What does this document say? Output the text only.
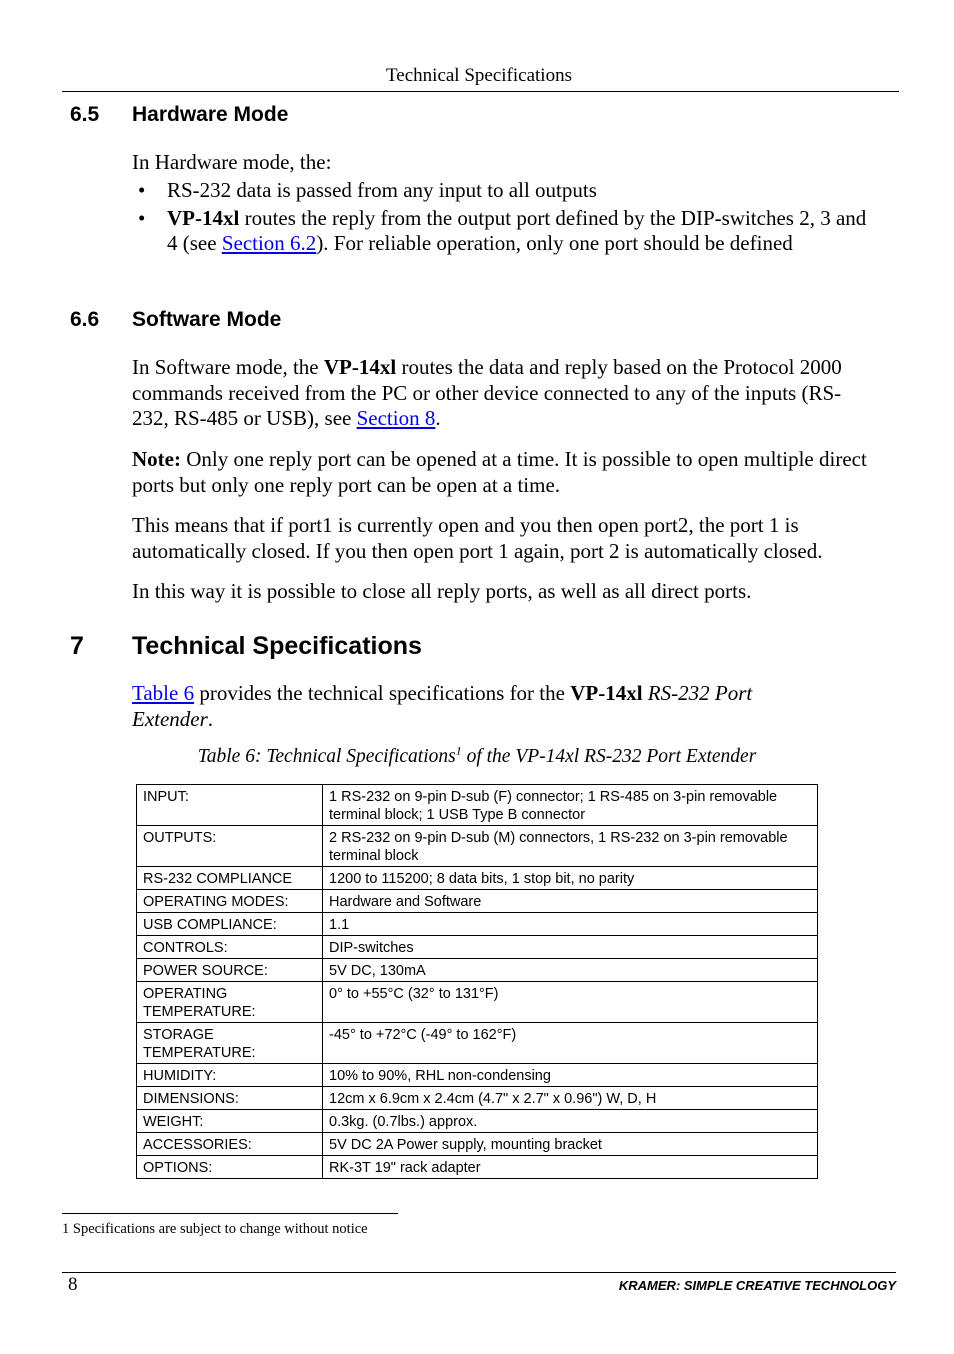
Technical Specifications
6.5 Hardware Mode
In Hardware mode, the:
• RS-232 data is passed from any input to all outputs
• VP-14xl routes the reply from the output port defined by the DIP-switches 2, 3 and 4 (see Section 6.2). For reliable operation, only one port should be defined
6.6 Software Mode
In Software mode, the VP-14xl routes the data and reply based on the Protocol 2000 commands received from the PC or other device connected to any of the inputs (RS-232, RS-485 or USB), see Section 8.
Note: Only one reply port can be opened at a time. It is possible to open multiple direct ports but only one reply port can be open at a time.
This means that if port1 is currently open and you then open port2, the port 1 is automatically closed. If you then open port 1 again, port 2 is automatically closed.
In this way it is possible to close all reply ports, as well as all direct ports.
7 Technical Specifications
Table 6 provides the technical specifications for the VP-14xl RS-232 Port Extender.
Table 6: Technical Specifications$^1$ of the VP-14xl RS-232 Port Extender
INPUT:	1 RS-232 on 9-pin D-sub (F) connector; 1 RS-485 on 3-pin removable terminal block; 1 USB Type B connector
OUTPUTS:	2 RS-232 on 9-pin D-sub (M) connectors, 1 RS-232 on 3-pin removable terminal block
RS-232 COMPLIANCE	1200 to 115200; 8 data bits, 1 stop bit, no parity
OPERATING MODES:	Hardware and Software
USB COMPLIANCE:	1.1
CONTROLS:	DIP-switches
POWER SOURCE:	5V DC, 130mA
OPERATING TEMPERATURE:	0° to +55°C (32° to 131°F)
STORAGE TEMPERATURE:	-45° to +72°C (-49° to 162°F)
HUMIDITY:	10% to 90%, RHL non-condensing
DIMENSIONS:	12cm x 6.9cm x 2.4cm (4.7" x 2.7" x 0.96") W, D, H
WEIGHT:	0.3kg. (0.7lbs.) approx.
ACCESSORIES:	5V DC 2A Power supply, mounting bracket
OPTIONS:	RK-3T 19" rack adapter
1 Specifications are subject to change without notice
8	KRAMER: SIMPLE CREATIVE TECHNOLOGY
